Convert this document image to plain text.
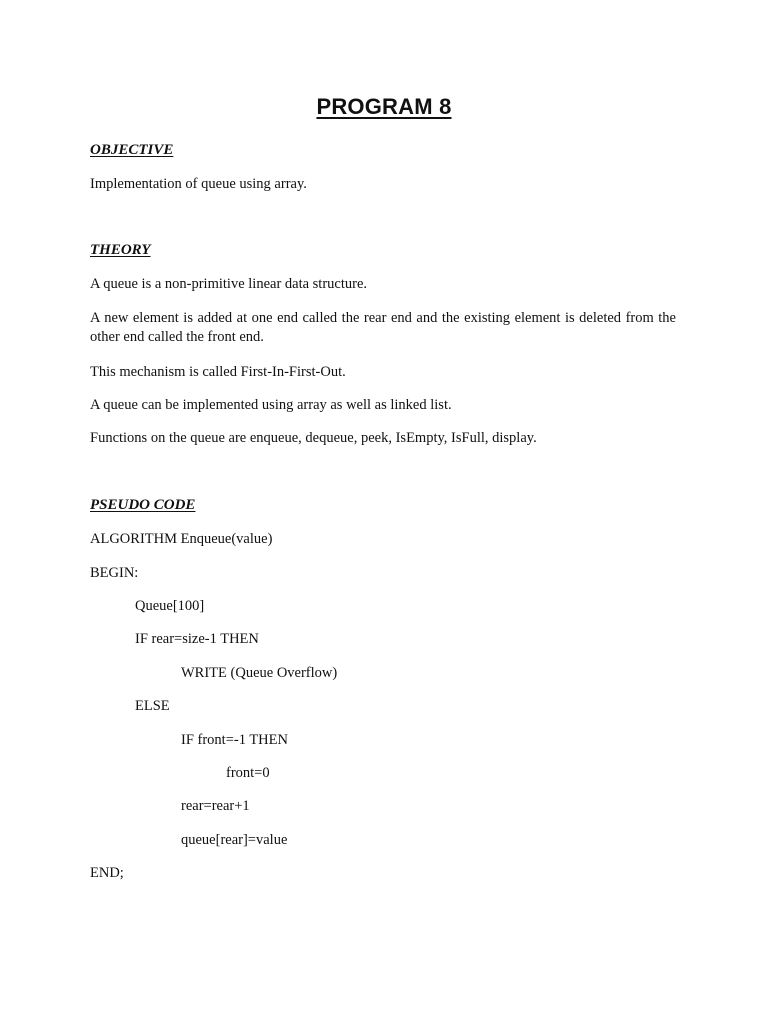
PROGRAM 8
OBJECTIVE
Implementation of queue using array.
THEORY
A queue is a non-primitive linear data structure.
A new element is added at one end called the rear end and the existing element is deleted from the other end called the front end.
This mechanism is called First-In-First-Out.
A queue can be implemented using array as well as linked list.
Functions on the queue are enqueue, dequeue, peek, IsEmpty, IsFull, display.
PSEUDO CODE
ALGORITHM Enqueue(value)
BEGIN:
Queue[100]
IF rear=size-1 THEN
WRITE (Queue Overflow)
ELSE
IF front=-1 THEN
front=0
rear=rear+1
queue[rear]=value
END;
